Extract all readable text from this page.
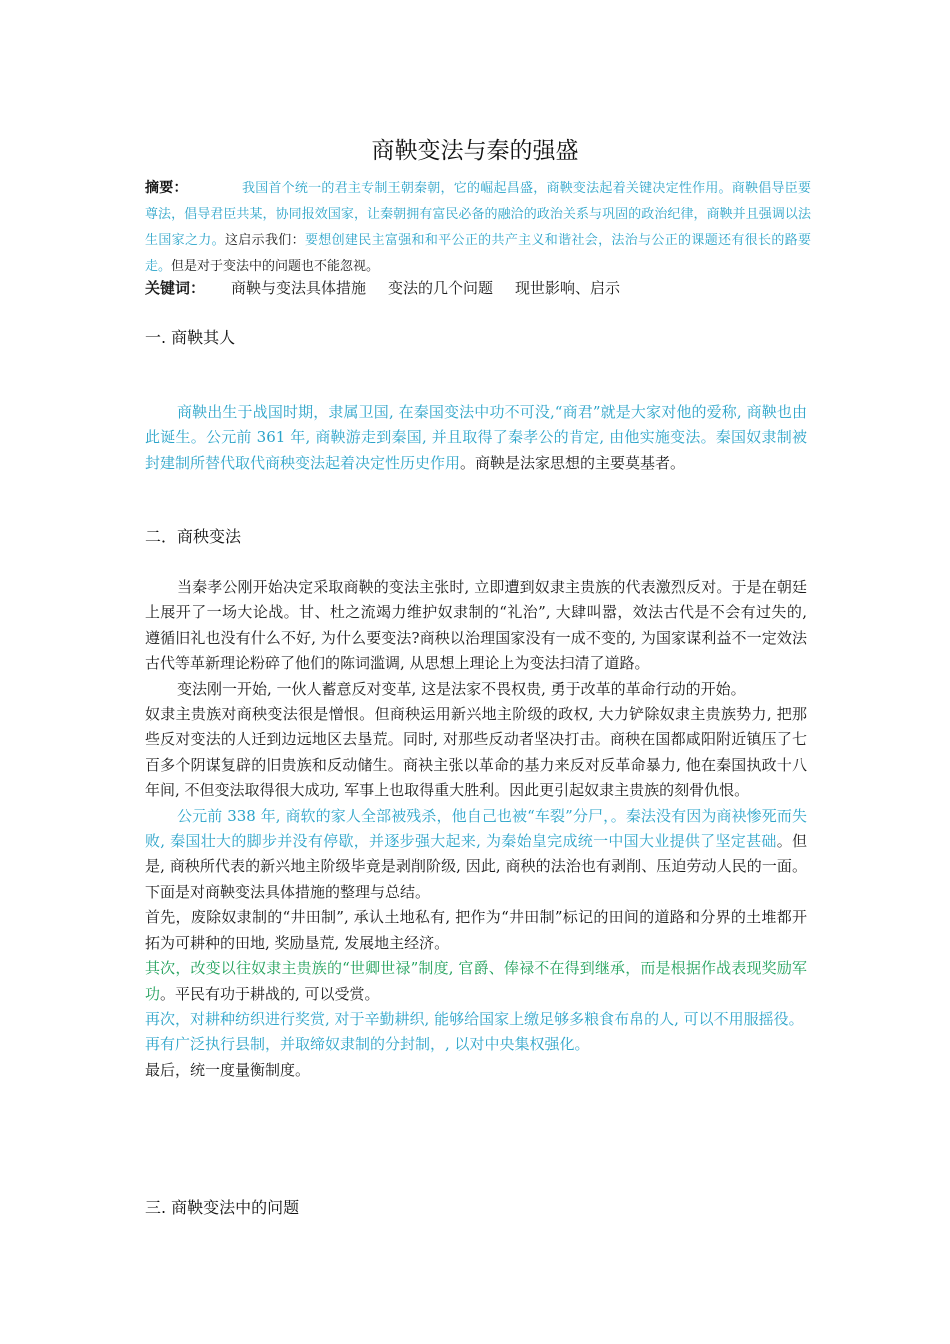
商鞅变法与秦的强盛
摘要：	我国首个统一的君主专制王朝秦朝，它的崛起昌盛，商鞅变法起着关键决定性作用。商鞅倡导臣要尊法，倡导君臣共某，协同报效国家，让秦朝拥有富民必备的融洽的政治关系与巩固的政治纪律，商鞅并且强调以法生国家之力。这启示我们：要想创建民主富强和和平公正的共产主义和谐社会，法治与公正的课题还有很长的路要走。但是对于变法中的问题也不能忽视。
关键词： 商鞅与变法具体措施 变法的几个问题 现世影响、启示
一. 商鞅其人

商鞅出生于战国时期，隶属卫国, 在秦国变法中功不可没,“商君”就是大家对他的爱称, 商鞅也由此诞生。公元前 361 年, 商鞅游走到秦国, 并且取得了秦孝公的肯定, 由他实施变法。秦国奴隶制被封建制所替代取代商秧变法起着决定性历史作用。商鞅是法家思想的主要莫基者。

二．商秧变法

当秦孝公刚开始决定采取商鞅的变法主张时, 立即遭到奴隶主贵族的代表激烈反对。于是在朝廷上展开了一场大论战。甘、杜之流竭力维护奴隶制的“礼治”, 大肆叫嚣，效法古代是不会有过失的, 遵循旧礼也没有什么不好, 为什么要变法?商秧以治理国家没有一成不变的, 为国家谋利益不一定效法古代等革新理论粉碎了他们的陈词滥调, 从思想上理论上为变法扫清了道路。

变法刚一开始, 一伙人蓄意反对变革, 这是法家不畏权贵, 勇于改革的革命行动的开始。

奴隶主贵族对商秧变法很是憎恨。但商秧运用新兴地主阶级的政权, 大力铲除奴隶主贵族势力, 把那些反对变法的人迁到边远地区去垦荒。同时, 对那些反动者坚决打击。商秧在国都咸阳附近镇压了七百多个阴谋复辟的旧贵族和反动储生。商袂主张以革命的基力来反对反革命暴力, 他在秦国执政十八年间, 不但变法取得很大成功, 军事上也取得重大胜利。因此更引起奴隶主贵族的刻骨仇恨。

公元前 338 年, 商软的家人全部被残杀，他自己也被“车裂”分尸，。秦法没有因为商袂惨死而失败, 秦国壮大的脚步并没有停歇，并逐步强大起来, 为秦始皇完成统一中国大业提供了坚定甚础。但是, 商秧所代表的新兴地主阶级毕竟是剥削阶级, 因此, 商秧的法治也有剥削、压迫劳动人民的一面。下面是对商鞅变法具体措施的整理与总结。

首先，废除奴隶制的“井田制”, 承认土地私有, 把作为“井田制”标记的田间的道路和分界的土堆都开拓为可耕种的田地, 奖励垦荒, 发展地主经济。

其次，改变以往奴隶主贵族的“世卿世禄”制度, 官爵、俸禄不在得到继承，而是根据作战表现奖励军功。平民有功于耕战的, 可以受赏。

再次，对耕种纺织进行奖赏, 对于辛勤耕织, 能够给国家上缴足够多粮食布帛的人, 可以不用服摇役。

再有广泛执行县制，并取缔奴隶制的分封制，, 以对中央集权强化。

最后，统一度量衡制度。

三. 商鞅变法中的问题
